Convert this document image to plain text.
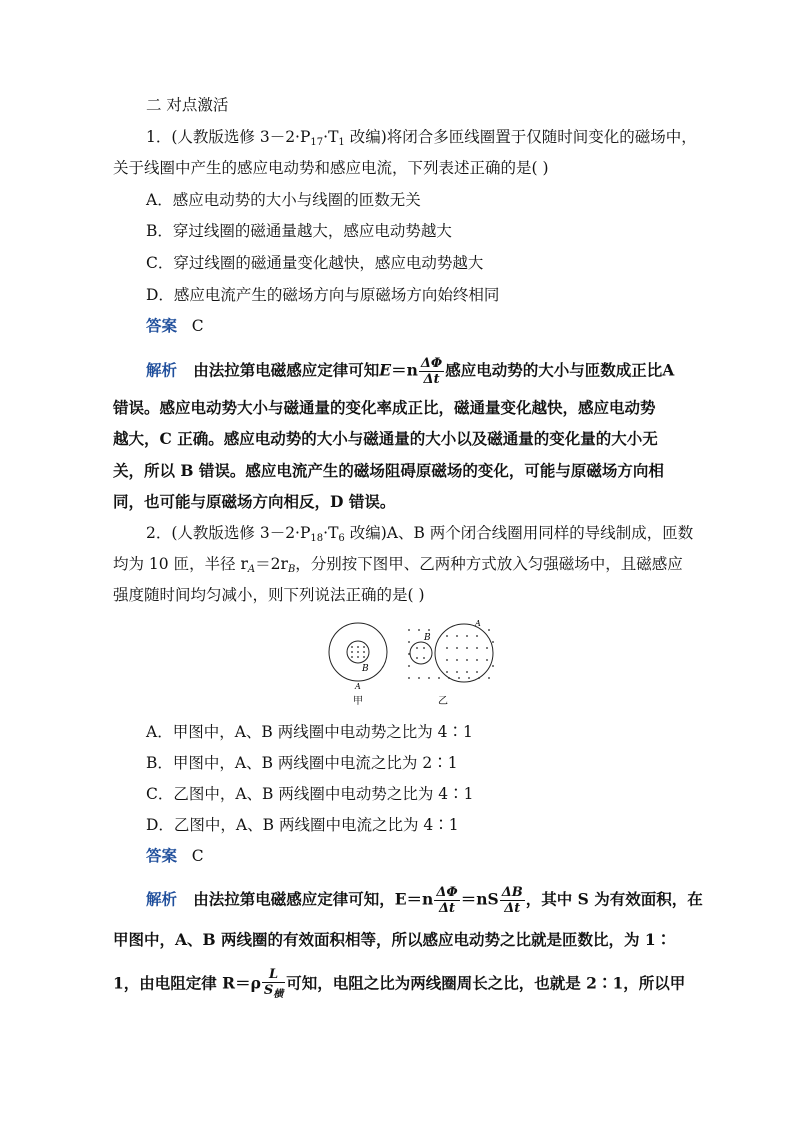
二 对点激活
1．(人教版选修 $3-2\cdot P_{17}\cdot T_1$ 改编)将闭合多匝线圈置于仅随时间变化的磁场中，
关于线圈中产生的感应电动势和感应电流，下列表述正确的是( )
A．感应电动势的大小与线圈的匝数无关
B．穿过线圈的磁通量越大，感应电动势越大
C．穿过线圈的磁通量变化越快，感应电动势越大
D．感应电流产生的磁场方向与原磁场方向始终相同
答案 C
解析 由法拉第电磁感应定律可知$E=n \frac{\Delta\Phi}{\Delta t}$ 感应电动势的大小与匝数成正比A
错误。感应电动势大小与磁通量的变化率成正比，磁通量变化越快，感应电动势
越大，C 正确。感应电动势的大小与磁通量的大小以及磁通量的变化量的大小无
关，所以 B 错误。感应电流产生的磁场阻碍原磁场的变化，可能与原磁场方向相
同，也可能与原磁场方向相反，D 错误。
2．(人教版选修 $3-2\cdot P_{18}\cdot T_6$ 改编)A、B 两个闭合线圈用同样的导线制成，匝数
均为 10 匝，半径 $r_A=2r_B$，分别按下图甲、乙两种方式放入匀强磁场中，且磁感应
强度随时间均匀减小，则下列说法正确的是( )
B
A
甲
B
A
乙
A．甲图中，A、B 两线圈中电动势之比为 4∶1
B．甲图中，A、B 两线圈中电流之比为 2∶1
C．乙图中，A、B 两线圈中电动势之比为 4∶1
D．乙图中，A、B 两线圈中电流之比为 4∶1
答案 C
解析 由法拉第电磁感应定律可知，$E=n \frac{\Delta\Phi}{\Delta t} =nS \frac{\Delta B}{\Delta t}$ ，其中 S 为有效面积，在
甲图中，A、B 两线圈的有效面积相等，所以感应电动势之比就是匝数比，为 1∶
1，由电阻定律 $R=\rho \frac{L}{S_横}$ 可知，电阻之比为两线圈周长之比，也就是 2∶1，所以甲
